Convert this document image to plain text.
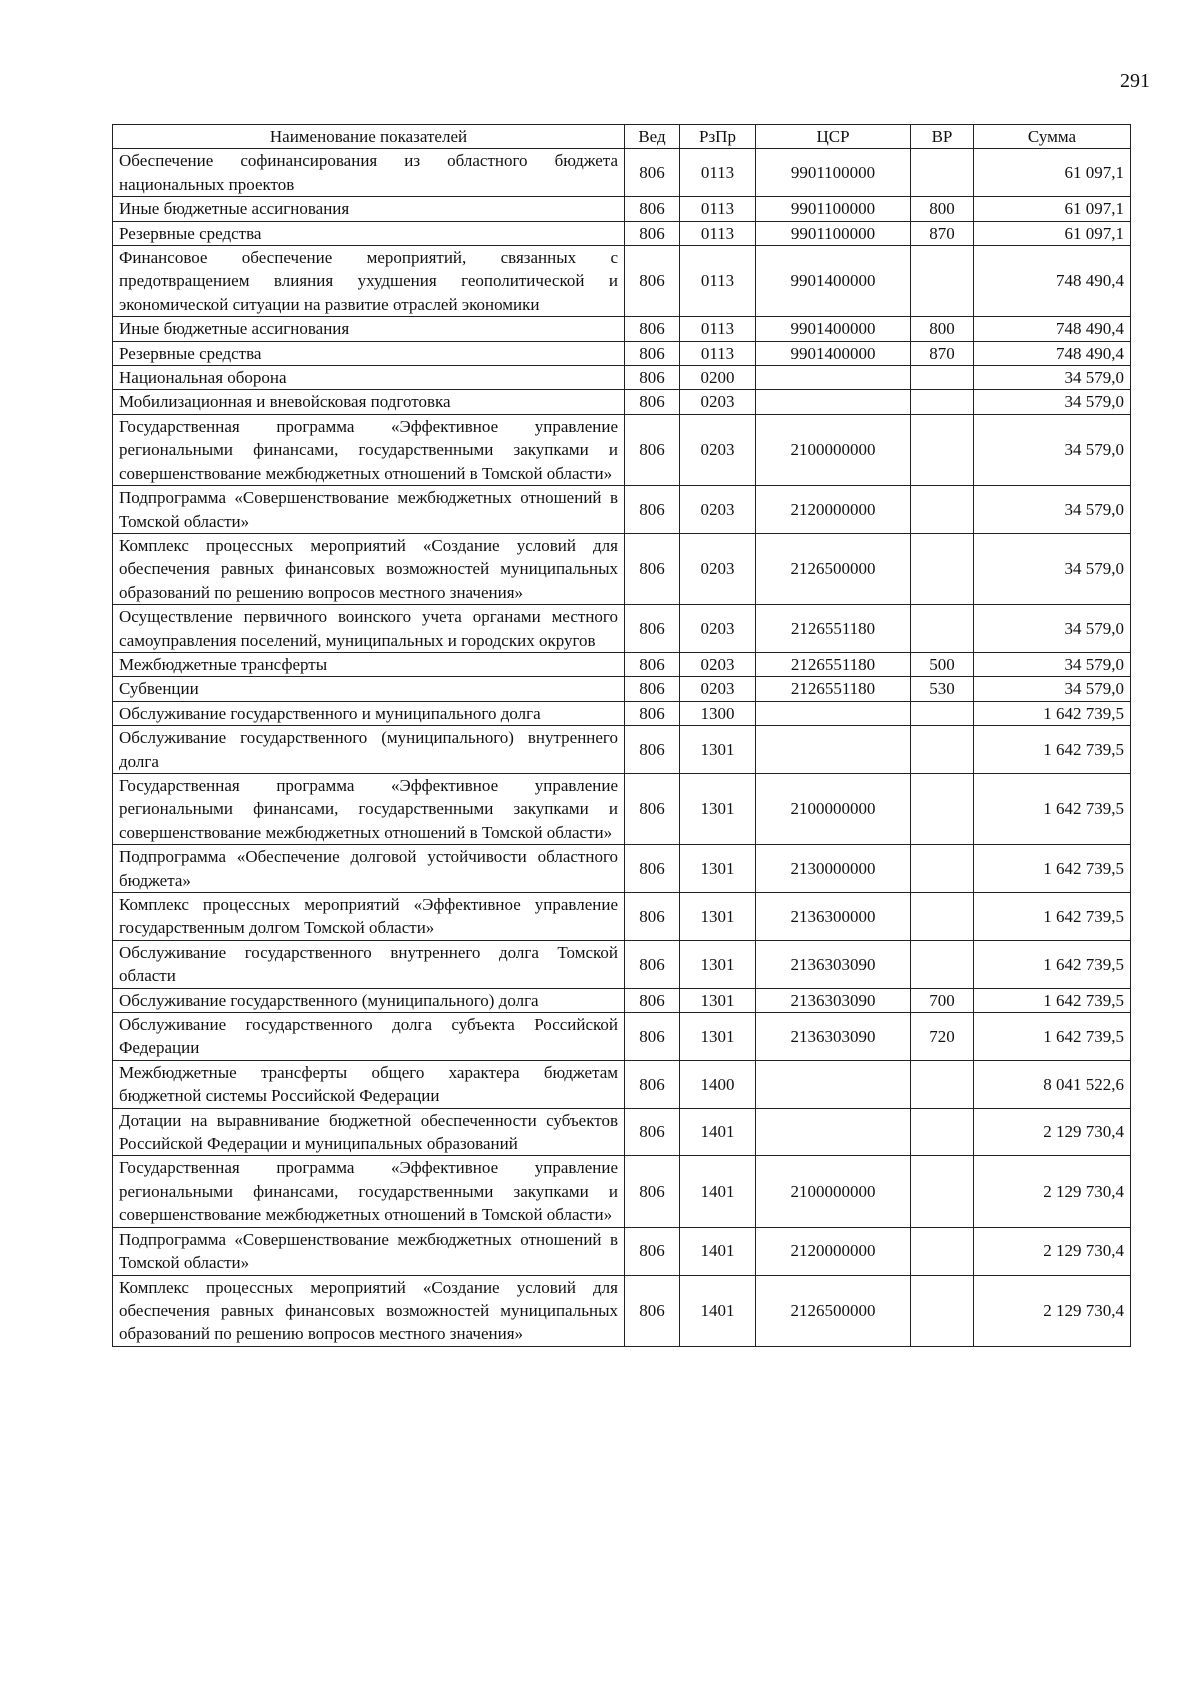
291
Наименование показателей	Вед	РзПр	ЦСР	ВР	Сумма
Обеспечение софинансирования из областного бюджета национальных проектов	806	0113	9901100000		61 097,1
Иные бюджетные ассигнования	806	0113	9901100000	800	61 097,1
Резервные средства	806	0113	9901100000	870	61 097,1
Финансовое обеспечение мероприятий, связанных с предотвращением влияния ухудшения геополитической и экономической ситуации на развитие отраслей экономики	806	0113	9901400000		748 490,4
Иные бюджетные ассигнования	806	0113	9901400000	800	748 490,4
Резервные средства	806	0113	9901400000	870	748 490,4
Национальная оборона	806	0200			34 579,0
Мобилизационная и вневойсковая подготовка	806	0203			34 579,0
Государственная программа «Эффективное управление региональными финансами, государственными закупками и совершенствование межбюджетных отношений в Томской области»	806	0203	2100000000		34 579,0
Подпрограмма «Совершенствование межбюджетных отношений в Томской области»	806	0203	2120000000		34 579,0
Комплекс процессных мероприятий «Создание условий для обеспечения равных финансовых возможностей муниципальных образований по решению вопросов местного значения»	806	0203	2126500000		34 579,0
Осуществление первичного воинского учета органами местного самоуправления поселений, муниципальных и городских округов	806	0203	2126551180		34 579,0
Межбюджетные трансферты	806	0203	2126551180	500	34 579,0
Субвенции	806	0203	2126551180	530	34 579,0
Обслуживание государственного и муниципального долга	806	1300			1 642 739,5
Обслуживание государственного (муниципального) внутреннего долга	806	1301			1 642 739,5
Государственная программа «Эффективное управление региональными финансами, государственными закупками и совершенствование межбюджетных отношений в Томской области»	806	1301	2100000000		1 642 739,5
Подпрограмма «Обеспечение долговой устойчивости областного бюджета»	806	1301	2130000000		1 642 739,5
Комплекс процессных мероприятий «Эффективное управление государственным долгом Томской области»	806	1301	2136300000		1 642 739,5
Обслуживание государственного внутреннего долга Томской области	806	1301	2136303090		1 642 739,5
Обслуживание государственного (муниципального) долга	806	1301	2136303090	700	1 642 739,5
Обслуживание государственного долга субъекта Российской Федерации	806	1301	2136303090	720	1 642 739,5
Межбюджетные трансферты общего характера бюджетам бюджетной системы Российской Федерации	806	1400			8 041 522,6
Дотации на выравнивание бюджетной обеспеченности субъектов Российской Федерации и муниципальных образований	806	1401			2 129 730,4
Государственная программа «Эффективное управление региональными финансами, государственными закупками и совершенствование межбюджетных отношений в Томской области»	806	1401	2100000000		2 129 730,4
Подпрограмма «Совершенствование межбюджетных отношений в Томской области»	806	1401	2120000000		2 129 730,4
Комплекс процессных мероприятий «Создание условий для обеспечения равных финансовых возможностей муниципальных образований по решению вопросов местного значения»	806	1401	2126500000		2 129 730,4
